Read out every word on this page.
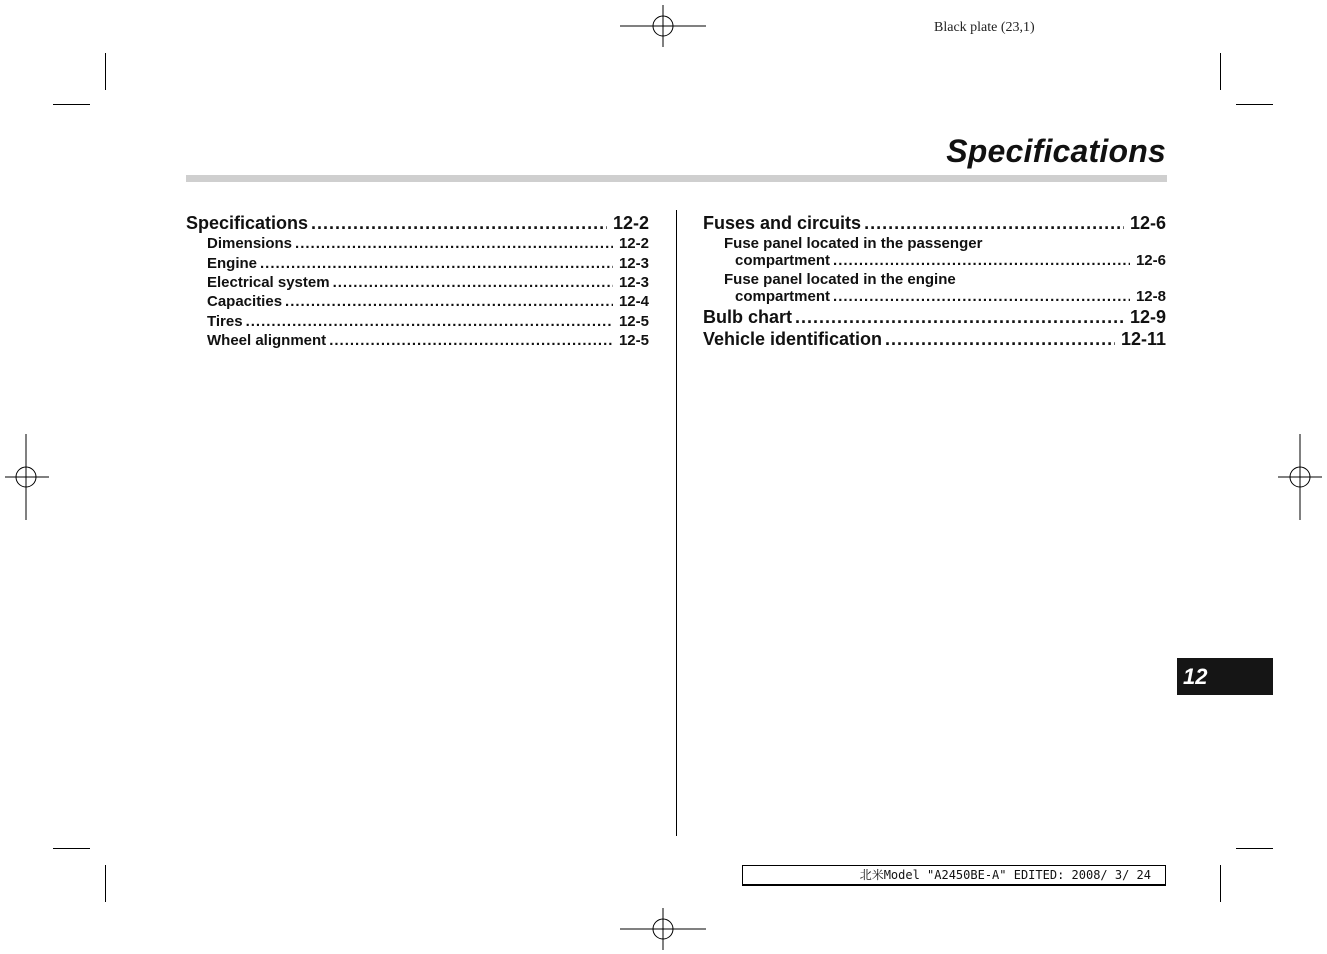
Black plate (23,1)
Specifications
Specifications .....	12-2
Dimensions .....	12-2
Engine .....	12-3
Electrical system .....	12-3
Capacities .....	12-4
Tires .....	12-5
Wheel alignment .....	12-5
Fuses and circuits .....	12-6
Fuse panel located in the passenger
compartment .....	12-6
Fuse panel located in the engine
compartment .....	12-8
Bulb chart .....	12-9
Vehicle identification .....	12-11
12
北米Model "A2450BE-A" EDITED: 2008/ 3/ 24
